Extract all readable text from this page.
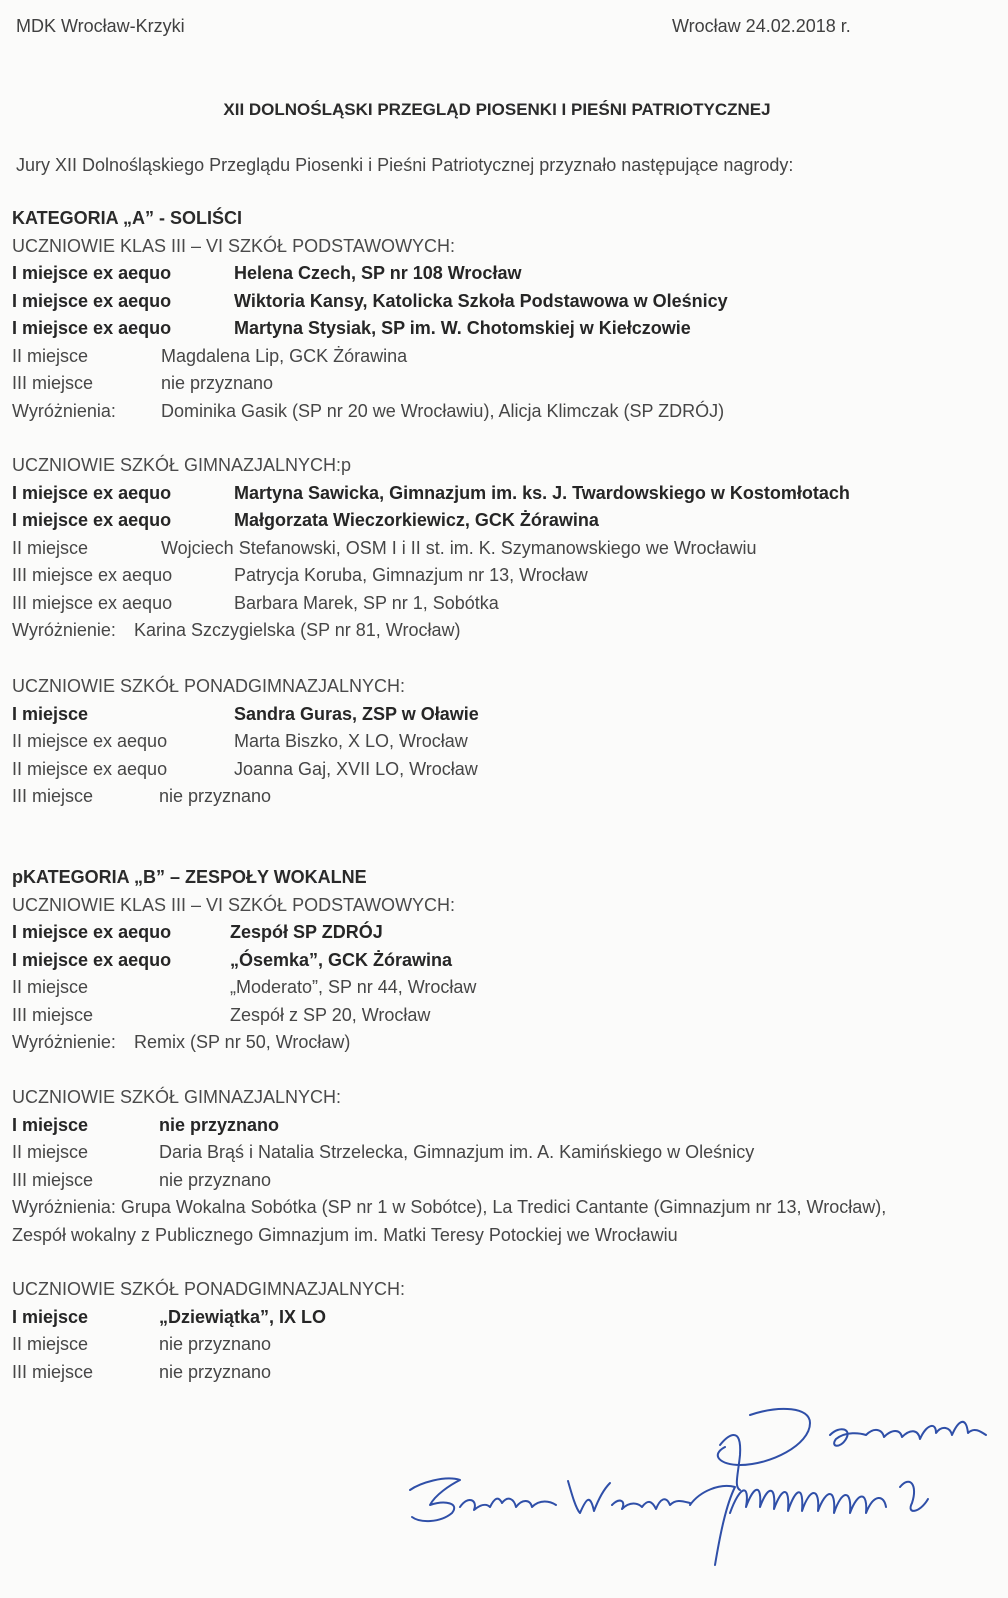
MDK Wrocław-Krzyki	Wrocław 24.02.2018 r.
XII DOLNOŚLĄSKI PRZEGLĄD PIOSENKI I PIEŚNI PATRIOTYCZNEJ
Jury XII Dolnośląskiego Przeglądu Piosenki i Pieśni Patriotycznej przyznało następujące nagrody:
KATEGORIA „A” - SOLIŚCI
UCZNIOWIE KLAS III – VI SZKÓŁ PODSTAWOWYCH:
I miejsce ex aequo	Helena Czech, SP nr 108 Wrocław
I miejsce ex aequo	Wiktoria Kansy, Katolicka Szkoła Podstawowa w Oleśnicy
I miejsce ex aequo	Martyna Stysiak, SP im. W. Chotomskiej w Kiełczowie
II miejsce	Magdalena Lip, GCK Żórawina
III miejsce	nie przyznano
Wyróżnienia:	Dominika Gasik (SP nr 20 we Wrocławiu), Alicja Klimczak (SP ZDRÓJ)
UCZNIOWIE SZKÓŁ GIMNAZJALNYCH:p
I miejsce ex aequo	Martyna Sawicka, Gimnazjum im. ks. J. Twardowskiego w Kostomłotach
I miejsce ex aequo	Małgorzata Wieczorkiewicz, GCK Żórawina
II miejsce	Wojciech Stefanowski, OSM I i II st. im. K. Szymanowskiego we Wrocławiu
III miejsce ex aequo	Patrycja Koruba, Gimnazjum nr 13, Wrocław
III miejsce ex aequo	Barbara Marek, SP nr 1, Sobótka
Wyróżnienie: Karina Szczygielska (SP nr 81, Wrocław)
UCZNIOWIE SZKÓŁ PONADGIMNAZJALNYCH:
I miejsce	Sandra Guras, ZSP w Oławie
II miejsce ex aequo	Marta Biszko, X LO, Wrocław
II miejsce ex aequo	Joanna Gaj, XVII LO, Wrocław
III miejsce	nie przyznano
pKATEGORIA „B” – ZESPOŁY WOKALNE
UCZNIOWIE KLAS III – VI SZKÓŁ PODSTAWOWYCH:
I miejsce ex aequo	Zespół SP ZDRÓJ
I miejsce ex aequo	„Ósemka”, GCK Żórawina
II miejsce	„Moderato”, SP nr 44, Wrocław
III miejsce	Zespół z SP 20, Wrocław
Wyróżnienie: Remix (SP nr 50, Wrocław)
UCZNIOWIE SZKÓŁ GIMNAZJALNYCH:
I miejsce	nie przyznano
II miejsce	Daria Brąś i Natalia Strzelecka, Gimnazjum im. A. Kamińskiego w Oleśnicy
III miejsce	nie przyznano
Wyróżnienia: Grupa Wokalna Sobótka (SP nr 1 w Sobótce), La Tredici Cantante (Gimnazjum nr 13, Wrocław), Zespół wokalny z Publicznego Gimnazjum im. Matki Teresy Potockiej we Wrocławiu
UCZNIOWIE SZKÓŁ PONADGIMNAZJALNYCH:
I miejsce	„Dziewiątka”, IX LO
II miejsce	nie przyznano
III miejsce	nie przyznano
